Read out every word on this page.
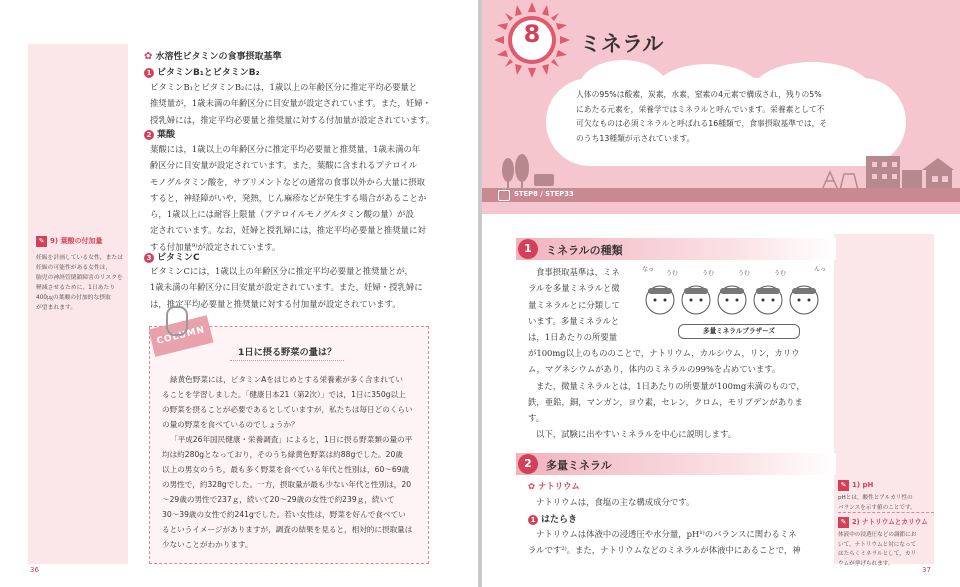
✿ 水溶性ビタミンの食事摂取基準
1 ビタミンB₁とビタミンB₂
ビタミンB₁とビタミンB₂には，1歳以上の年齢区分に推定平均必要量と
推奨量が，1歳未満の年齢区分に目安量が設定されています。また，妊婦・
授乳婦には，推定平均必要量と推奨量に対する付加量が設定されています。
2 葉酸
葉酸には，1歳以上の年齢区分に推定平均必要量と推奨量，1歳未満の年
齢区分に目安量が設定されています。また，葉酸に含まれるプテロイル
モノグルタミン酸を，サプリメントなどの通常の食事以外から大量に摂取
すると，神経障がいや，発熱，じん麻疹などが発生する場合があることか
ら，1歳以上には耐容上限量（プテロイルモノグルタミン酸の量）が設
定されています。なお，妊婦と授乳婦には，推定平均必要量と推奨量に対
する付加量⁹⁾が設定されています。
3 ビタミンC
ビタミンCには，1歳以上の年齢区分に推定平均必要量と推奨量とが，
1歳未満の年齢区分に目安量が設定されています。また，妊婦・授乳婦に
は，推定平均必要量と推奨量に対する付加量が設定されています。
✎ 9) 葉酸の付加量
妊娠を計画している女性，または
妊娠の可能性がある女性は，
胎児の神経管閉鎖障害のリスクを
軽減させるために，1日あたり
400㎍の葉酸の付加的な摂取
が望まれます。
COLUMN
1日に摂る野菜の量は？
緑黄色野菜には，ビタミンAをはじめとする栄養素が多く含まれてい
ることを学習しました。「健康日本21（第2次）」では，1日に350g以上
の野菜を摂ることが必要であるとしていますが，私たちは毎日どのくらい
の量の野菜を食べているのでしょうか？
「平成26年国民健康・栄養調査」によると，1日に摂る野菜類の量の平
均は約280gとなっており，そのうち緑黄色野菜は約88gでした。20歳
以上の男女のうち，最も多く野菜を食べている年代と性別は，60～69歳
の男性で，約328gでした。一方，摂取量が最も少ない年代と性別は，20
～29歳の男性で237ｇ，続いて20～29歳の女性で約239ｇ，続いて
30～39歳の女性で約241gでした。若い女性は，野菜を好んで食べてい
るというイメージがありますが，調査の結果を見ると，相対的に摂取量は
少ないことがわかります。
36
8	ミネラル
人体の95%は酸素，炭素，水素，窒素の4元素で構成され，残りの5%
にあたる元素を，栄養学ではミネラルと呼んでいます。栄養素として不
可欠なものは必須ミネラルと呼ばれる16種類で，食事摂取基準では，そ
のうち13種類が示されています。
STEP8 / STEP33
1	ミネラルの種類
食事摂取基準は，ミネ
ラルを多量ミネラルと微
量ミネラルとに分類して
います。多量ミネラルと
は，1日あたりの所要量
なっ
うむ	うむ	うむ	うむ
んっ
多量ミネラルブラザーズ
が100mg以上のもののことで，ナトリウム，カルシウム，リン，カリウ
ム，マグネシウムがあり，体内のミネラルの99%を占めています。
また，微量ミネラルとは，1日あたりの所要量が100mg未満のもので，
鉄，亜鉛，銅，マンガン，ヨウ素，セレン，クロム，モリブデンがありま
す。
以下，試験に出やすいミネラルを中心に説明します。
2	多量ミネラル
✿ ナトリウム
ナトリウムは，食塩の主な構成成分です。
1 はたらき
ナトリウムは体液中の浸透圧や水分量，pH¹⁾のバランスに関わるミネ
ラルです²⁾。また，ナトリウムなどのミネラルが体液中にあることで，神
✎ 1) pH
pHとは，酸性とアルカリ性の
バランスを示す値のことです。
✎ 2) ナトリウムとカリウム
体液中の浸透圧などの調節にお
いて，ナトリウムと対になって
はたらくミネラルとして，カリ
ウムが挙げられます。
37
